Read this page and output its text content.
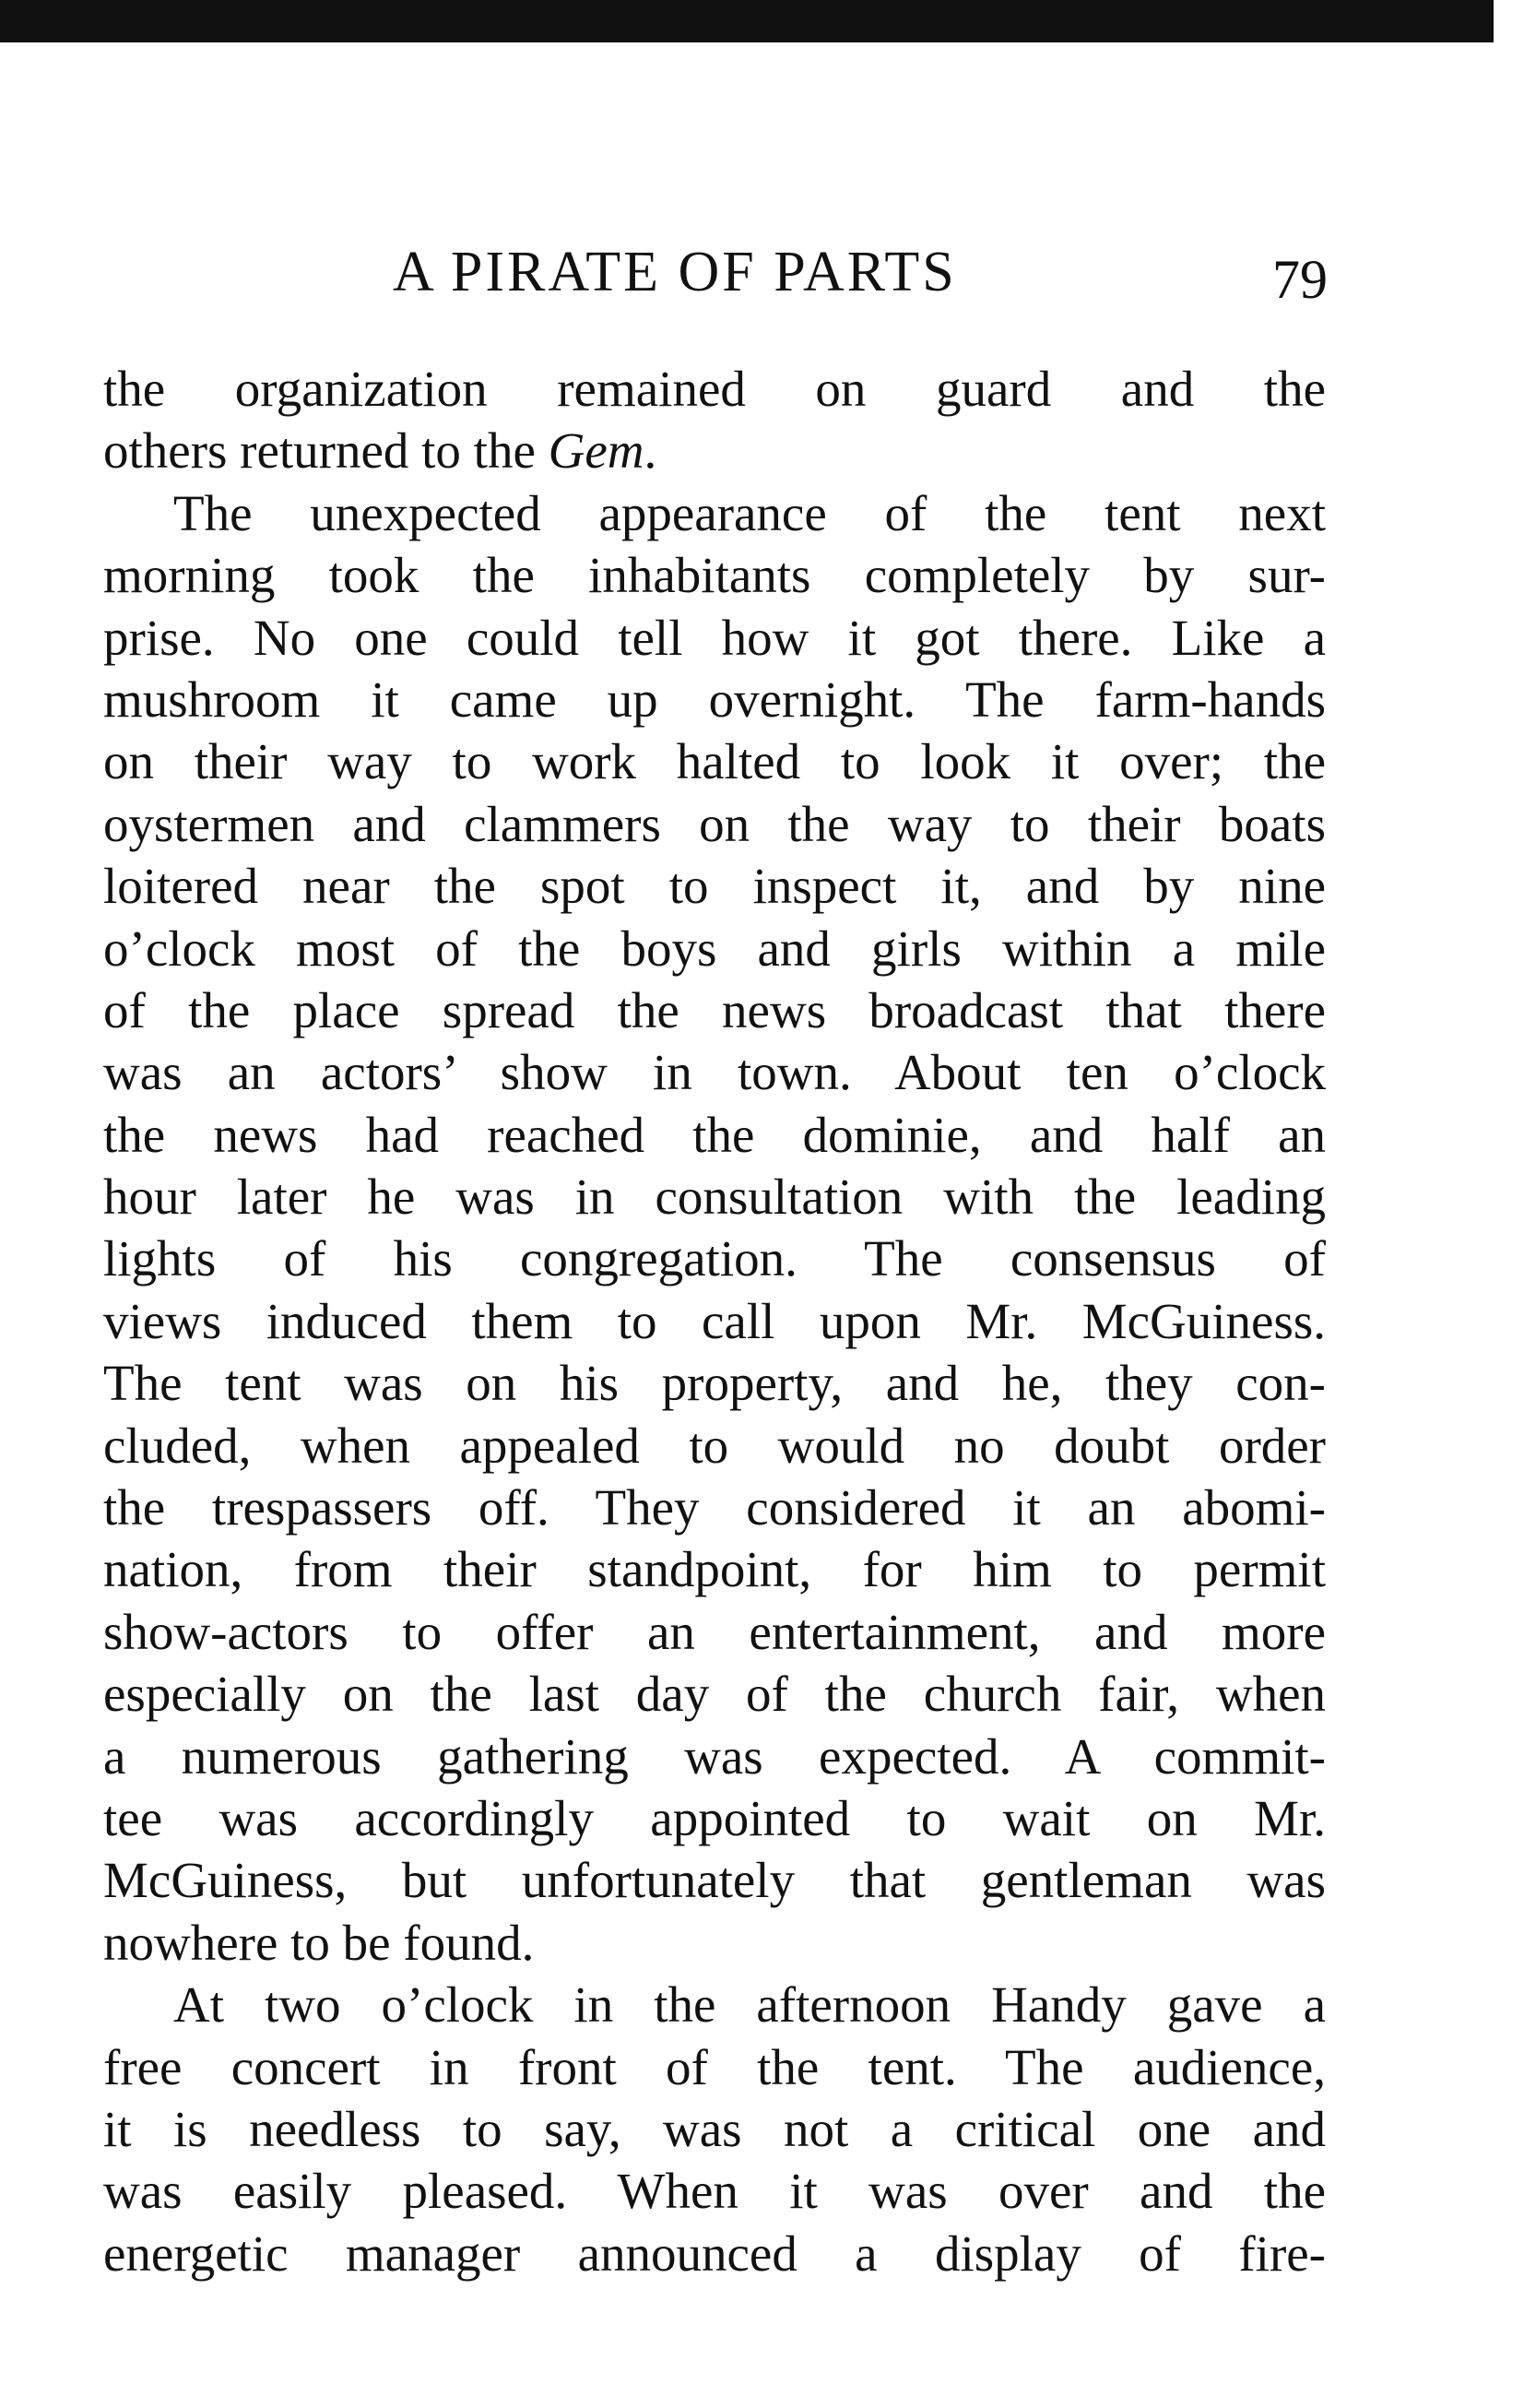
A PIRATE OF PARTS	79
the organization remained on guard and the
others returned to the Gem.
The unexpected appearance of the tent next
morning took the inhabitants completely by sur-
prise. No one could tell how it got there. Like a
mushroom it came up overnight. The farm-hands
on their way to work halted to look it over; the
oystermen and clammers on the way to their boats
loitered near the spot to inspect it, and by nine
o’clock most of the boys and girls within a mile
of the place spread the news broadcast that there
was an actors’ show in town. About ten o’clock
the news had reached the dominie, and half an
hour later he was in consultation with the leading
lights of his congregation. The consensus of
views induced them to call upon Mr. McGuiness.
The tent was on his property, and he, they con-
cluded, when appealed to would no doubt order
the trespassers off. They considered it an abomi-
nation, from their standpoint, for him to permit
show-actors to offer an entertainment, and more
especially on the last day of the church fair, when
a numerous gathering was expected. A commit-
tee was accordingly appointed to wait on Mr.
McGuiness, but unfortunately that gentleman was
nowhere to be found.
At two o’clock in the afternoon Handy gave a
free concert in front of the tent. The audience,
it is needless to say, was not a critical one and
was easily pleased. When it was over and the
energetic manager announced a display of fire-
